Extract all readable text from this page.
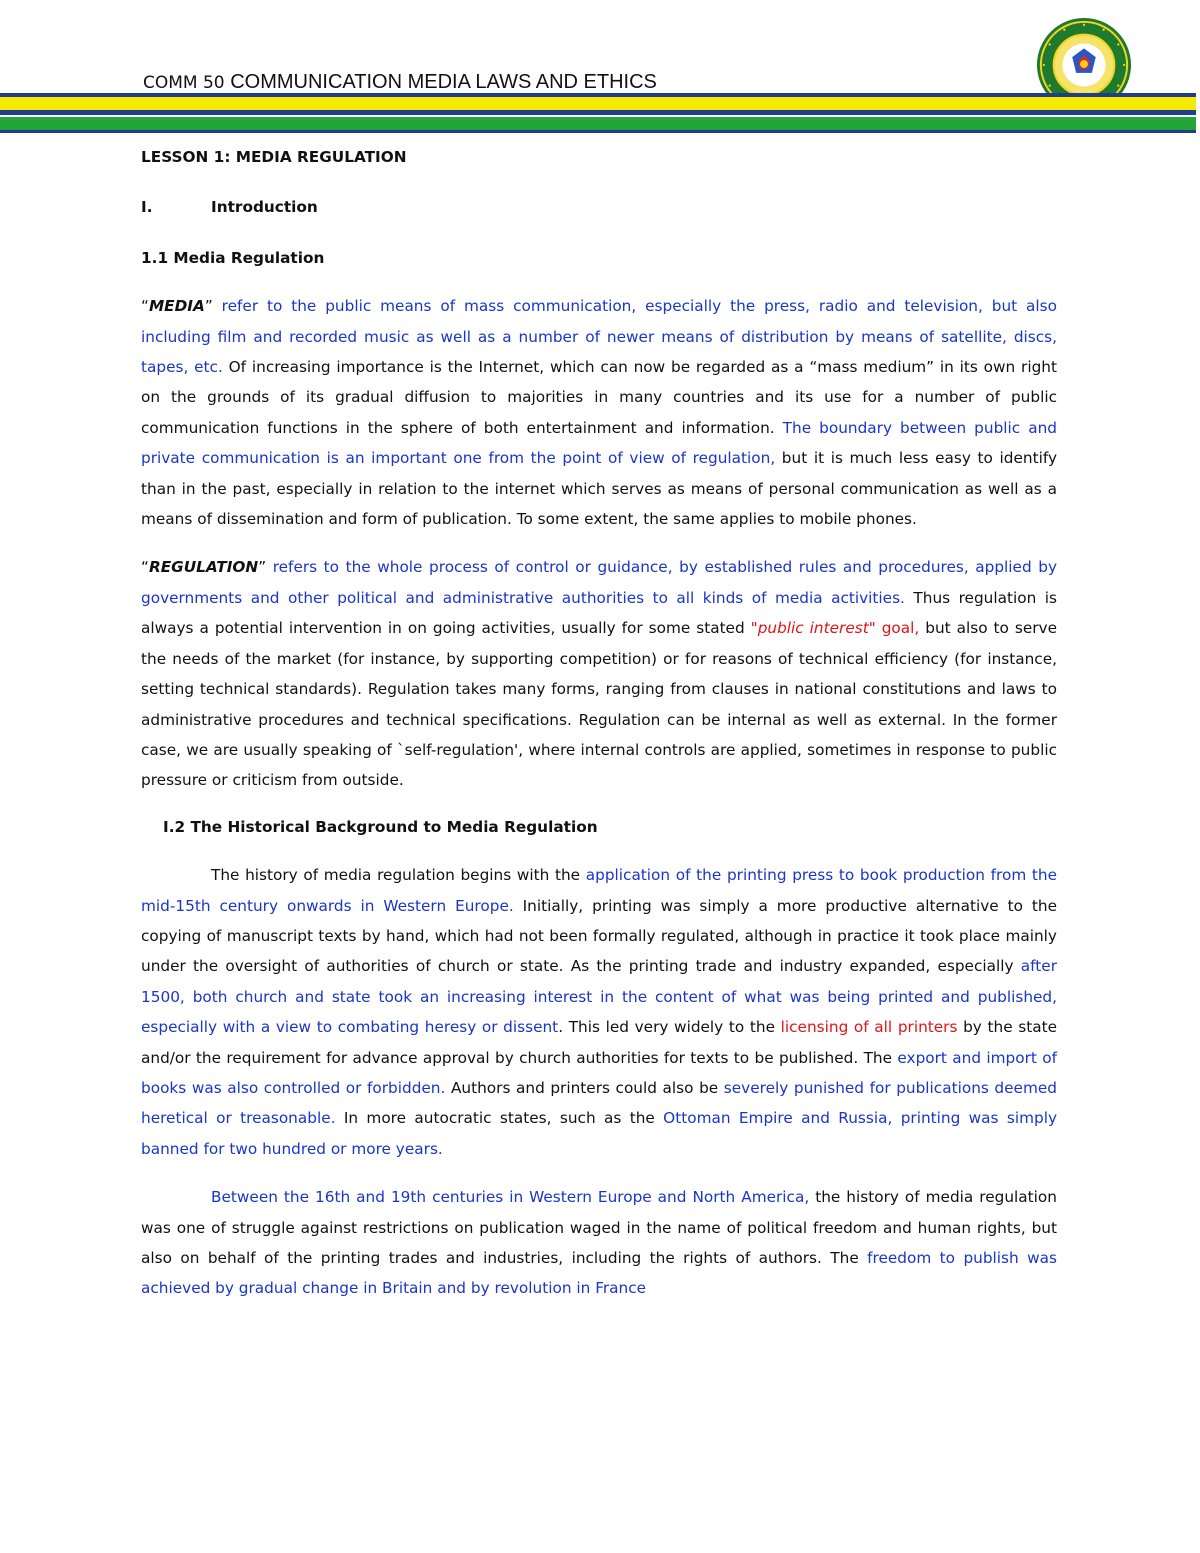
COMM 50 COMMUNICATION MEDIA LAWS AND ETHICS

LESSON 1: MEDIA REGULATION

I.	Introduction

1.1 Media Regulation

“MEDIA” refer to the public means of mass communication, especially the press, radio and television, but also including film and recorded music as well as a number of newer means of distribution by means of satellite, discs, tapes, etc. Of increasing importance is the Internet, which can now be regarded as a “mass medium” in its own right on the grounds of its gradual diffusion to majorities in many countries and its use for a number of public communication functions in the sphere of both entertainment and information. The boundary between public and private communication is an important one from the point of view of regulation, but it is much less easy to identify than in the past, especially in relation to the internet which serves as means of personal communication as well as a means of dissemination and form of publication. To some extent, the same applies to mobile phones.

“REGULATION” refers to the whole process of control or guidance, by established rules and procedures, applied by governments and other political and administrative authorities to all kinds of media activities. Thus regulation is always a potential intervention in on going activities, usually for some stated "public interest" goal, but also to serve the needs of the market (for instance, by supporting competition) or for reasons of technical efficiency (for instance, setting technical standards). Regulation takes many forms, ranging from clauses in national constitutions and laws to administrative procedures and technical specifications. Regulation can be internal as well as external. In the former case, we are usually speaking of `self-regulation', where internal controls are applied, sometimes in response to public pressure or criticism from outside.

I.2 The Historical Background to Media Regulation

The history of media regulation begins with the application of the printing press to book production from the mid-15th century onwards in Western Europe. Initially, printing was simply a more productive alternative to the copying of manuscript texts by hand, which had not been formally regulated, although in practice it took place mainly under the oversight of authorities of church or state. As the printing trade and industry expanded, especially after 1500, both church and state took an increasing interest in the content of what was being printed and published, especially with a view to combating heresy or dissent. This led very widely to the licensing of all printers by the state and/or the requirement for advance approval by church authorities for texts to be published. The export and import of books was also controlled or forbidden. Authors and printers could also be severely punished for publications deemed heretical or treasonable. In more autocratic states, such as the Ottoman Empire and Russia, printing was simply banned for two hundred or more years.

Between the 16th and 19th centuries in Western Europe and North America, the history of media regulation was one of struggle against restrictions on publication waged in the name of political freedom and human rights, but also on behalf of the printing trades and industries, including the rights of authors. The freedom to publish was achieved by gradual change in Britain and by revolution in France
